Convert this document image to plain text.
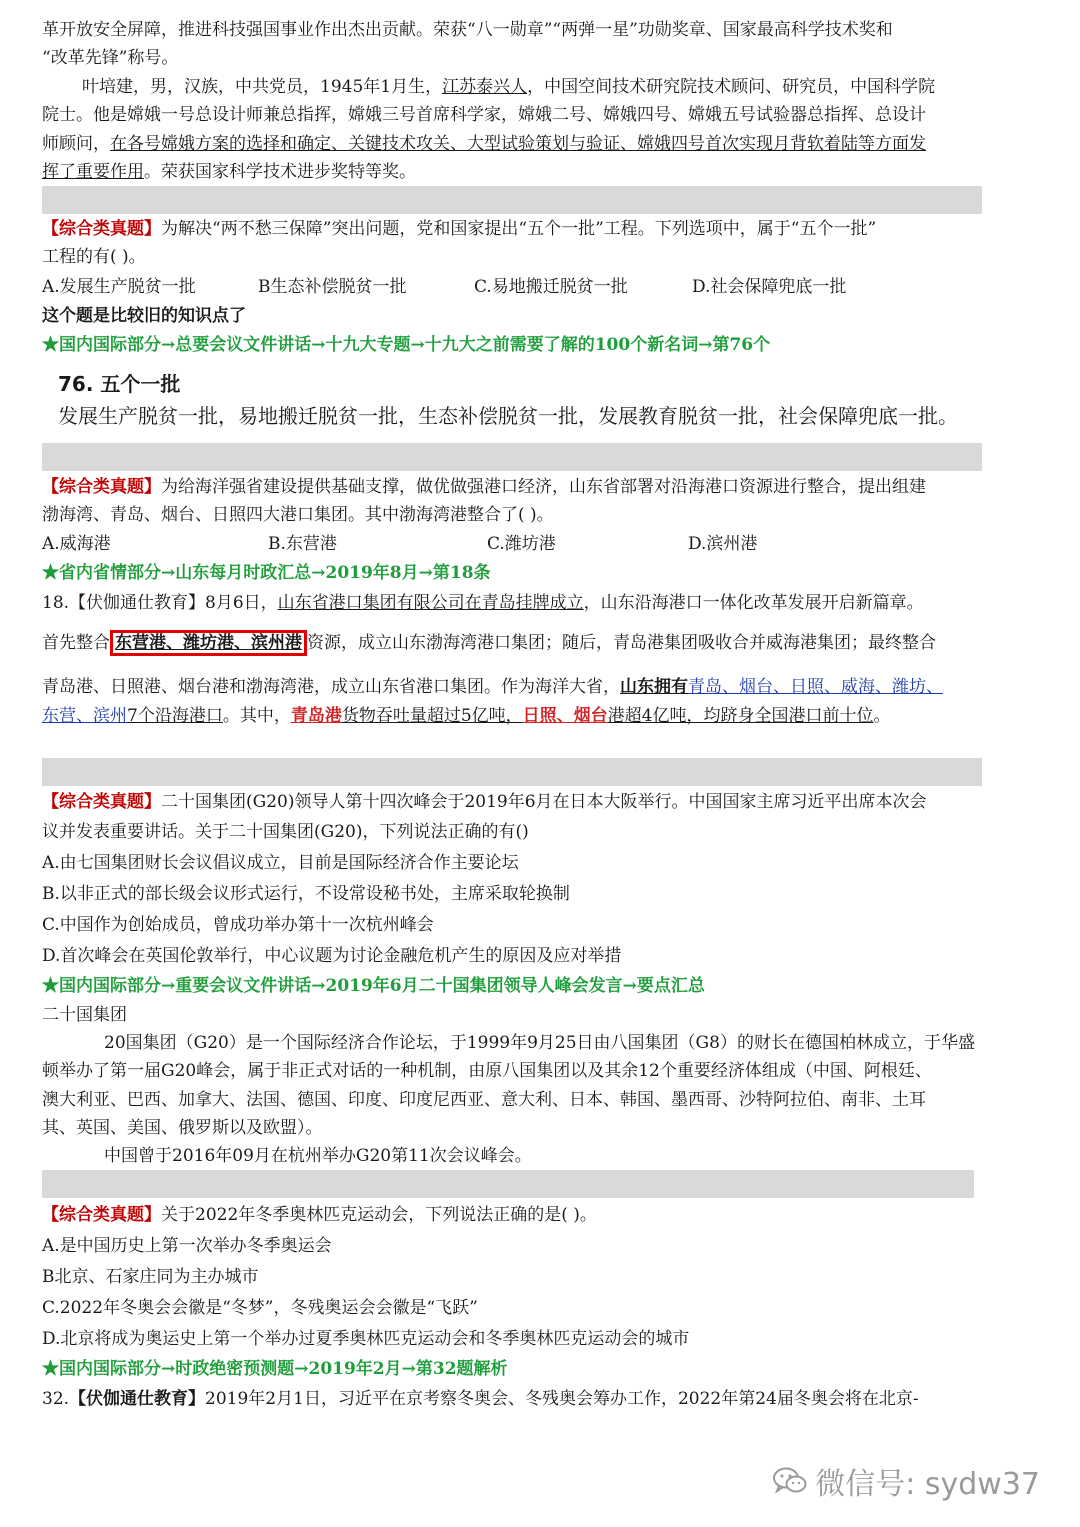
革开放安全屏障，推进科技强国事业作出杰出贡献。荣获“八一勋章”“两弹一星”功勋奖章、国家最高科学技术奖和
“改革先锋”称号。
叶培建，男，汉族，中共党员，1945年1月生，江苏泰兴人，中国空间技术研究院技术顾问、研究员，中国科学院
院士。他是嫦娥一号总设计师兼总指挥，嫦娥三号首席科学家，嫦娥二号、嫦娥四号、嫦娥五号试验器总指挥、总设计
师顾问，在各号嫦娥方案的选择和确定、关键技术攻关、大型试验策划与验证、嫦娥四号首次实现月背软着陆等方面发
挥了重要作用。荣获国家科学技术进步奖特等奖。
【综合类真题】为解决“两不愁三保障”突出问题，党和国家提出“五个一批”工程。下列选项中，属于“五个一批”
工程的有( )。
A.发展生产脱贫一批	B生态补偿脱贫一批	C.易地搬迁脱贫一批	D.社会保障兜底一批
这个题是比较旧的知识点了
★国内国际部分→总要会议文件讲话→十九大专题→十九大之前需要了解的100个新名词→第76个
76. 五个一批
发展生产脱贫一批，易地搬迁脱贫一批，生态补偿脱贫一批，发展教育脱贫一批，社会保障兜底一批。
【综合类真题】为给海洋强省建设提供基础支撑，做优做强港口经济，山东省部署对沿海港口资源进行整合，提出组建
渤海湾、青岛、烟台、日照四大港口集团。其中渤海湾港整合了( )。
A.威海港	B.东营港	C.潍坊港	D.滨州港
★省内省情部分→山东每月时政汇总→2019年8月→第18条
18.【伏伽通仕教育】8月6日，山东省港口集团有限公司在青岛挂牌成立，山东沿海港口一体化改革发展开启新篇章。
首先整合 东营港、潍坊港、滨州港 资源，成立山东渤海湾港口集团；随后，青岛港集团吸收合并威海港集团；最终整合
青岛港、日照港、烟台港和渤海湾港，成立山东省港口集团。作为海洋大省，山东拥有青岛、烟台、日照、威海、潍坊、
东营、滨州7个沿海港口。其中，青岛港货物吞吐量超过5亿吨，日照、烟台港超4亿吨，均跻身全国港口前十位。
【综合类真题】二十国集团(G20)领导人第十四次峰会于2019年6月在日本大阪举行。中国国家主席习近平出席本次会
议并发表重要讲话。关于二十国集团(G20)，下列说法正确的有()
A.由七国集团财长会议倡议成立，目前是国际经济合作主要论坛
B.以非正式的部长级会议形式运行，不设常设秘书处，主席采取轮换制
C.中国作为创始成员，曾成功举办第十一次杭州峰会
D.首次峰会在英国伦敦举行，中心议题为讨论金融危机产生的原因及应对举措
★国内国际部分→重要会议文件讲话→2019年6月二十国集团领导人峰会发言→要点汇总
二十国集团
20国集团（G20）是一个国际经济合作论坛，于1999年9月25日由八国集团（G8）的财长在德国柏林成立，于华盛
顿举办了第一届G20峰会，属于非正式对话的一种机制，由原八国集团以及其余12个重要经济体组成（中国、阿根廷、
澳大利亚、巴西、加拿大、法国、德国、印度、印度尼西亚、意大利、日本、韩国、墨西哥、沙特阿拉伯、南非、土耳
其、英国、美国、俄罗斯以及欧盟）。
中国曾于2016年09月在杭州举办G20第11次会议峰会。
【综合类真题】关于2022年冬季奥林匹克运动会，下列说法正确的是( )。
A.是中国历史上第一次举办冬季奥运会
B北京、石家庄同为主办城市
C.2022年冬奥会会徽是“冬梦”，冬残奥运会会徽是“飞跃”
D.北京将成为奥运史上第一个举办过夏季奥林匹克运动会和冬季奥林匹克运动会的城市
★国内国际部分→时政绝密预测题→2019年2月→第32题解析
32.【伏伽通仕教育】2019年2月1日，习近平在京考察冬奥会、冬残奥会筹办工作，2022年第24届冬奥会将在北京-
微信号: sydw37
